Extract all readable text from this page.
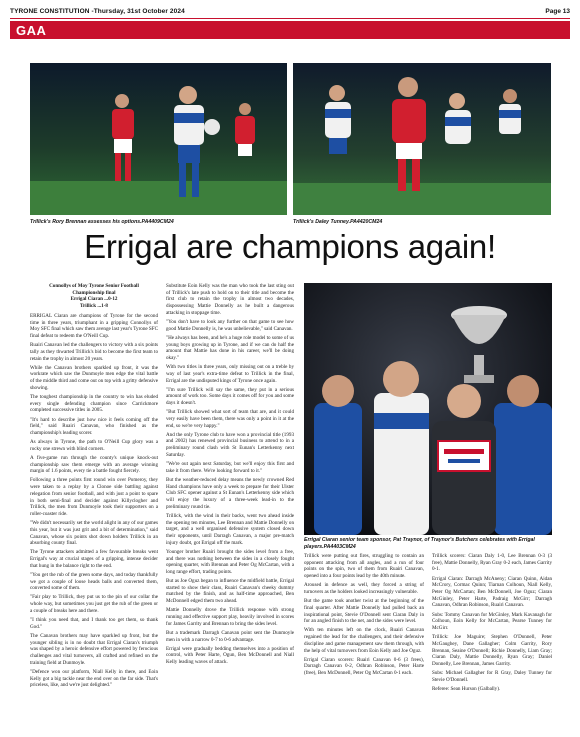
TYRONE CONSTITUTION -Thursday, 31st October 2024	Page 13
GAA
Trillick's Rory Brennan assesses his options.PA4409CM24	Trillick's Daley Tunney.PA4420CM24
Errigal are champions again!

Connollys of Moy Tyrone Senior Football

Championship final

Errigal Ciaran ...0-12

Trillick ...1-8

ERRIGAL Ciaran are champions of Tyrone for the second time in three years, triumphant in a gripping Connollys of Moy SFC final which saw them avenge last year's Tyrone SFC final defeat to redeem the O'Neill Cup.

Ruairi Canavan led the challengers to victory with a six points tally as they thwarted Trillick's bid to become the first team to retain the trophy in almost 20 years.

While the Canavan brothers sparkled up front, it was the workrate which saw the Dunmoyle men edge the vital battle of the middle third and come out on top with a gritty defensive showing.

The toughest championship in the country to win has eluded every single defending champion since Carrickmore completed successive titles in 2005.

"It's hard to describe just how nice it feels coming off the field," said Ruairi Canavan, who finished as the championship's leading scorer.

As always in Tyrone, the path to O'Neill Cup glory was a rocky one strewn with blind corners.

A five-game run through the county's unique knock-out championship saw them emerge with an average winning margin of 1.6 points, every tie a battle fought fiercely.

Following a three points first round win over Pomeroy, they were taken to a replay by a Clonoe side battling against relegation from senior football, and with just a point to spare in both semi-final and decider against Killyclogher and Trillick, the men from Dunmoyle took their supporters on a roller-coaster ride.

"We didn't necessarily set the world alight in any of our games this year, but it was just grit and a bit of determination," said Canavan, whose six points shot down holders Trillick in an absorbing county final.

The Tyrone attackers admitted a few favourable breaks went Errigal's way at crucial stages of a gripping, intense decider that hung in the balance right to the end.

"You get the rub of the green some days, and today thankfully we got a couple of loose heads balls and converted them, converted some of them.

"Fair play to Trillick, they put us to the pin of our collar the whole way, but sometimes you just get the rub of the green or a couple of breaks here and there.

"I think you need that, and I thank too get them, so thank God."

The Canavan brothers may have sparkled up front, but the younger sibling is in no doubt that Errigal Ciaran's triumph was shaped by a heroic defensive effort powered by ferocious challenges and vital turnovers, all crafted and refined on the training field at Dunmoyle.

"Defence won our platform, Niall Kelly in there, and Eoin Kelly got a big tackle near the end over on the far side. That's priceless, like, and we're just delighted."

Substitute Eoin Kelly was the man who took the last sting out of Trillick's late push to hold on to their title and become the first club to retain the trophy in almost two decades, dispossessing Mattie Donnelly as he built a dangerous attacking in stoppage time.

"You don't have to look any further on that game to see how good Mattie Donnelly is, he was unbelievable," said Canavan.

"He always has been, and he's a huge role model to some of us young boys growing up in Tyrone, and if we can do half the amount that Mattie has done in his career, we'll be doing okay."

With two titles in three years, only missing out on a treble by way of last year's extra-time defeat to Trillick in the final, Errigal are the undisputed kings of Tyrone once again.

"I'm sure Trillick will say the same, they put in a serious amount of work too. Some days it comes off for you and some days it doesn't.

"But Trillick showed what sort of team that are, and it could very easily have been them, there was only a point in it at the end, so we're very happy."

And the only Tyrone club to have won a provincial title (1993 and 2002) has renewed provincial business to attend to in a preliminary round clash with St Eunan's Letterkenny next Saturday.

"We're out again next Saturday, but we'll enjoy this first and take it from there. We're looking forward to it."

But the weather-reduced delay means the newly crowned Red Hand champions have only a week to prepare for their Ulster Club SFC opener against a St Eunan's Letterkenny side which will enjoy the luxury of a three-week lead-in to the preliminary round tie.

Trillick, with the wind in their backs, went two ahead inside the opening ten minutes, Lee Brennan and Mattie Donnelly on target, and a well organised defensive system closed down their opponents, until Darragh Canavan, a major pre-match injury doubt, got Errigal off the mark.

Younger brother Ruairi brought the sides level from a free, and there was nothing between the sides in a closely fought opening quarter, with Brennan and Peter Og McCartan, with a long range effort, trading points.

But as Joe Oguz began to influence the midfield battle, Errigal started to show their class, Ruairi Canavan's cheeky dummy matched by the finish, and as half-time approached, Ben McDonnell edged them two ahead.

Mattie Donnelly drove the Trillick response with strong running and effective support play, heavily involved in scores for James Garrity and Brennan to bring the sides level.

But a trademark Darragh Canavan point sent the Dunmoyle men in with a narrow 0-7 to 0-6 advantage.

Errigal were gradually bedding themselves into a position of control, with Peter Harte, Ogun, Ben McDonnell and Niall Kelly leading waves of attack.

Errigal Ciaran senior team sponsor, Pat Traynor, of Traynor's Butchers celebrates with Errigal players.PA4403CM24

Trillick were putting out fires, struggling to contain an opponent attacking from all angles, and a run of four points on the spin, two of them from Ruairi Canavan, opened into a four points lead by the 40th minute.

Aroused in defence as well, they forced a string of turnovers as the holders looked increasingly vulnerable.

But the game took another twist at the beginning of the final quarter. After Mattie Donnelly had pulled back an inspirational point, Stevie O'Donnell sent Ciaran Daly in for an angled finish to the net, and the sides were level.

With ten minutes left on the clock, Ruairi Canavan regained the lead for the challengers, and their defensive discipline and game management saw them through, with the help of vital turnovers from Eoin Kelly and Joe Oguz.

Errigal Ciaran scorers: Ruairi Canavan 0-6 (3 frees), Darragh Canavan 0-2, Odhran Robinson, Peter Harte (free), Ben McDonnell, Peter Og McCartan 0-1 each.

Trillick scorers: Ciaran Daly 1-0, Lee Brennan 0-3 (3 free), Mattie Donnelly, Ryan Gray 0-2 each, James Garrity 0-1.

Errigal Ciaran: Darragh McAneny; Ciaran Quinn, Aidan McCrory, Cormac Quinn; Tiarnan Colhoun, Niall Kelly, Peter Og McCartan; Ben McDonnell, Joe Oguz; Ciaran McGinley, Peter Harte, Padraig McGirr; Darragh Canavan, Odhran Robinson, Ruairi Canavan.

Subs: Tommy Canavan for McGinley, Mark Kavanagh for Colhoun, Eoin Kelly for McCartan, Pearse Tunney for McGirr.

Trillick: Joe Maguire; Stephen O'Donnell, Peter McGaughey, Dane Gallagher; Colm Garrity, Rory Brennan, Seaine O'Donnell; Richie Donnelly, Liam Gray; Ciaran Daly, Mattie Donnelly, Ryan Gray; Daniel Donnelly, Lee Brennan, James Garrity.

Subs: Michael Gallagher for R Gray, Daley Tunney for Stevie O'Donnell.

Referee: Sean Hurson (Galbally).
